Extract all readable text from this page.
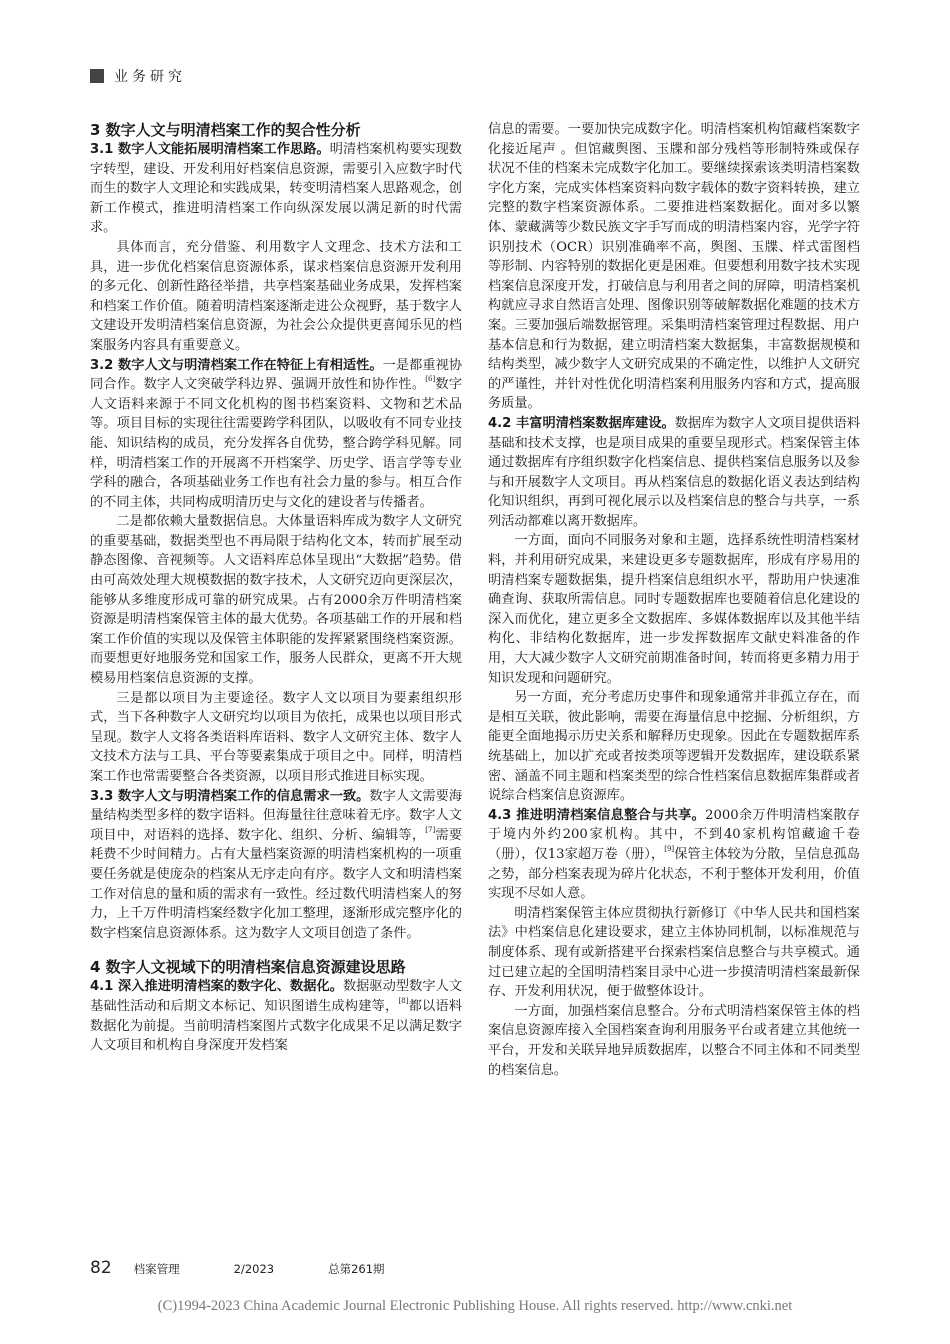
业务研究

3 数字人文与明清档案工作的契合性分析

3.1 数字人文能拓展明清档案工作思路。明清档案机构要实现数字转型，建设、开发利用好档案信息资源，需要引入应数字时代而生的数字人文理论和实践成果，转变明清档案人思路观念，创新工作模式，推进明清档案工作向纵深发展以满足新的时代需求。

具体而言，充分借鉴、利用数字人文理念、技术方法和工具，进一步优化档案信息资源体系，谋求档案信息资源开发利用的多元化、创新性路径举措，共享档案基础业务成果，发挥档案和档案工作价值。随着明清档案逐渐走进公众视野，基于数字人文建设开发明清档案信息资源，为社会公众提供更喜闻乐见的档案服务内容具有重要意义。

3.2 数字人文与明清档案工作在特征上有相适性。一是都重视协同合作。数字人文突破学科边界、强调开放性和协作性。[6]数字人文语料来源于不同文化机构的图书档案资料、文物和艺术品等。项目目标的实现往往需要跨学科团队，以吸收有不同专业技能、知识结构的成员，充分发挥各自优势，整合跨学科见解。同样，明清档案工作的开展离不开档案学、历史学、语言学等专业学科的融合，各项基础业务工作也有社会力量的参与。相互合作的不同主体，共同构成明清历史与文化的建设者与传播者。

二是都依赖大量数据信息。大体量语料库成为数字人文研究的重要基础，数据类型也不再局限于结构化文本，转而扩展至动静态图像、音视频等。人文语料库总体呈现出“大数据”趋势。借由可高效处理大规模数据的数字技术，人文研究迈向更深层次，能够从多维度形成可靠的研究成果。占有2000余万件明清档案资源是明清档案保管主体的最大优势。各项基础工作的开展和档案工作价值的实现以及保管主体职能的发挥紧紧围绕档案资源。而要想更好地服务党和国家工作，服务人民群众，更离不开大规模易用档案信息资源的支撑。

三是都以项目为主要途径。数字人文以项目为要素组织形式，当下各种数字人文研究均以项目为依托，成果也以项目形式呈现。数字人文将各类语料库语料、数字人文研究主体、数字人文技术方法与工具、平台等要素集成于项目之中。同样，明清档案工作也常需要整合各类资源，以项目形式推进目标实现。

3.3 数字人文与明清档案工作的信息需求一致。数字人文需要海量结构类型多样的数字语料。但海量往往意味着无序。数字人文项目中，对语料的选择、数字化、组织、分析、编辑等，[7]需要耗费不少时间精力。占有大量档案资源的明清档案机构的一项重要任务就是使庞杂的档案从无序走向有序。数字人文和明清档案工作对信息的量和质的需求有一致性。经过数代明清档案人的努力，上千万件明清档案经数字化加工整理，逐渐形成完整序化的数字档案信息资源体系。这为数字人文项目创造了条件。

4 数字人文视域下的明清档案信息资源建设思路

4.1 深入推进明清档案的数字化、数据化。数据驱动型数字人文基础性活动和后期文本标记、知识图谱生成构建等，[8]都以语料数据化为前提。当前明清档案图片式数字化成果不足以满足数字人文项目和机构自身深度开发档案

信息的需要。一要加快完成数字化。明清档案机构馆藏档案数字化接近尾声 。但馆藏舆图、玉牒和部分残档等形制特殊或保存状况不佳的档案未完成数字化加工。要继续探索该类明清档案数字化方案，完成实体档案资料向数字载体的数字资料转换，建立完整的数字档案资源体系。二要推进档案数据化。面对多以繁体、蒙藏满等少数民族文字手写而成的明清档案内容，光学字符识别技术（OCR）识别准确率不高，舆图、玉牒、样式雷图档等形制、内容特别的数据化更是困难。但要想利用数字技术实现档案信息深度开发，打破信息与利用者之间的屏障，明清档案机构就应寻求自然语言处理、图像识别等破解数据化难题的技术方案。三要加强后端数据管理。采集明清档案管理过程数据、用户基本信息和行为数据，建立明清档案大数据集，丰富数据规模和结构类型，减少数字人文研究成果的不确定性，以维护人文研究的严谨性，并针对性优化明清档案利用服务内容和方式，提高服务质量。

4.2 丰富明清档案数据库建设。数据库为数字人文项目提供语料基础和技术支撑，也是项目成果的重要呈现形式。档案保管主体通过数据库有序组织数字化档案信息、提供档案信息服务以及参与和开展数字人文项目。再从档案信息的数据化语义表达到结构化知识组织，再到可视化展示以及档案信息的整合与共享，一系列活动都难以离开数据库。

一方面，面向不同服务对象和主题，选择系统性明清档案材料，并利用研究成果，来建设更多专题数据库，形成有序易用的明清档案专题数据集，提升档案信息组织水平，帮助用户快速准确查询、获取所需信息。同时专题数据库也要随着信息化建设的深入而优化，建立更多全文数据库、多媒体数据库以及其他半结构化、非结构化数据库，进一步发挥数据库文献史料准备的作用，大大减少数字人文研究前期准备时间，转而将更多精力用于知识发现和问题研究。

另一方面，充分考虑历史事件和现象通常并非孤立存在，而是相互关联，彼此影响，需要在海量信息中挖掘、分析组织，方能更全面地揭示历史关系和解释历史现象。因此在专题数据库系统基础上，加以扩充或者按类项等逻辑开发数据库，建设联系紧密、涵盖不同主题和档案类型的综合性档案信息数据库集群或者说综合档案信息资源库。

4.3 推进明清档案信息整合与共享。2000余万件明清档案散存于境内外约200家机构。其中，不到40家机构馆藏逾千卷（册），仅13家超万卷（册），[9]保管主体较为分散，呈信息孤岛之势，部分档案表现为碎片化状态，不利于整体开发利用，价值实现不尽如人意。

明清档案保管主体应贯彻执行新修订《中华人民共和国档案法》中档案信息化建设要求，建立主体协同机制，以标准规范与制度体系、现有或新搭建平台探索档案信息整合与共享模式。通过已建立起的全国明清档案目录中心进一步摸清明清档案最新保存、开发利用状况，便于做整体设计。

一方面，加强档案信息整合。分布式明清档案保管主体的档案信息资源库接入全国档案查询利用服务平台或者建立其他统一平台，开发和关联异地异质数据库，以整合不同主体和不同类型的档案信息。

82 档案管理	2/2023	总第261期
(C)1994-2023 China Academic Journal Electronic Publishing House. All rights reserved. http://www.cnki.net
